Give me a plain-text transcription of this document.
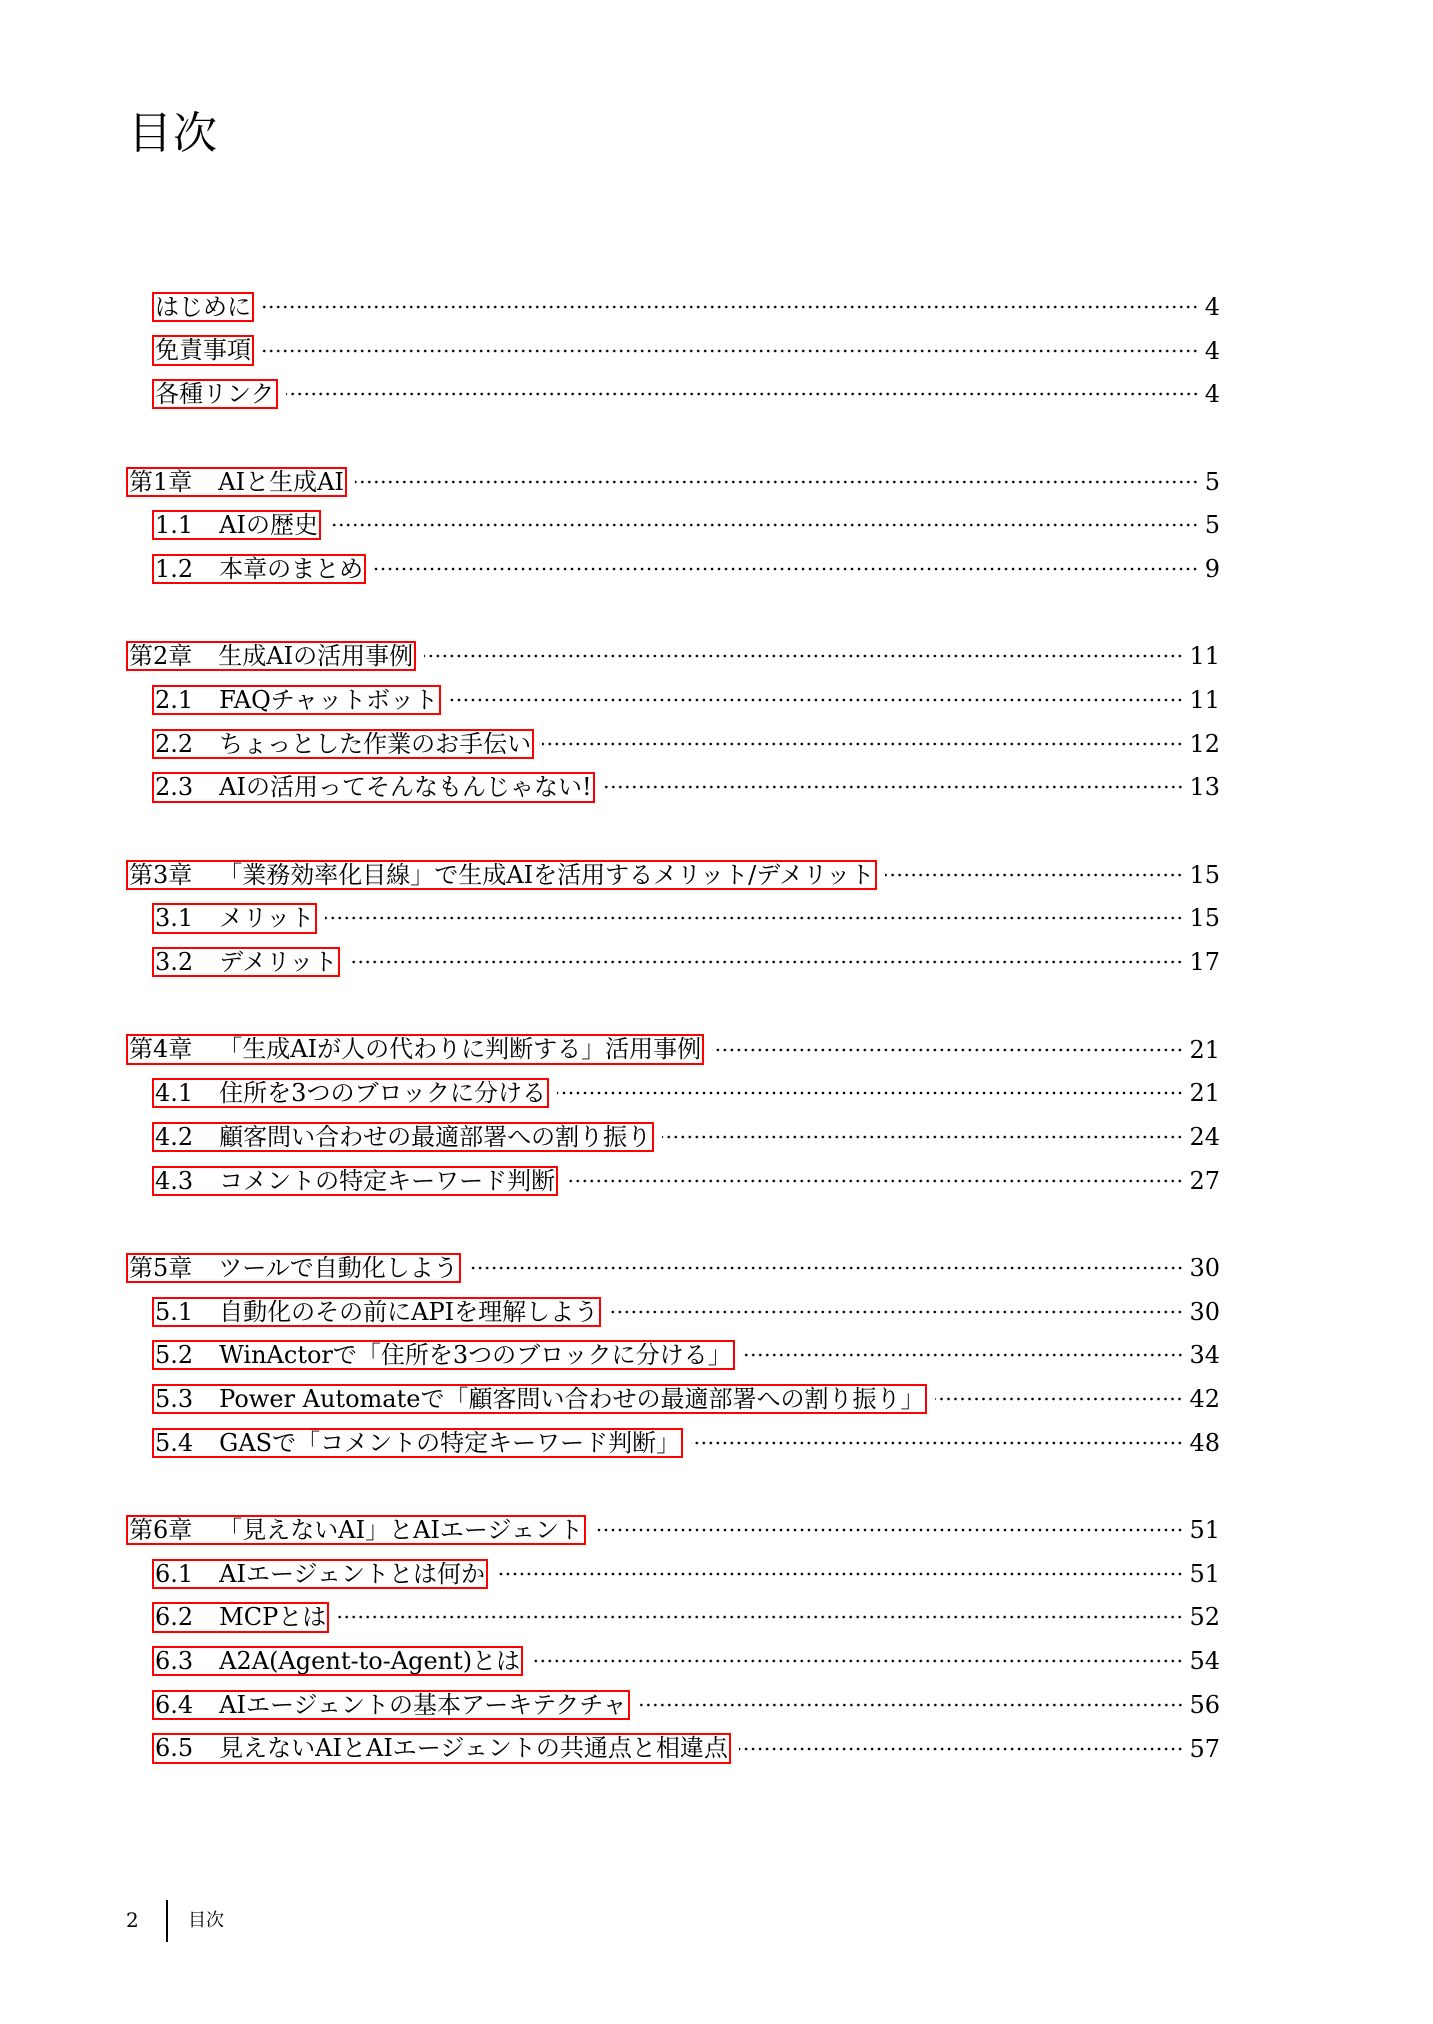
目次
はじめに	4
免責事項	4
各種リンク	4
第1章 AIと生成AI	5
1.1 AIの歴史	5
1.2 本章のまとめ	9
第2章 生成AIの活用事例	11
2.1 FAQチャットボット	11
2.2 ちょっとした作業のお手伝い	12
2.3 AIの活用ってそんなもんじゃない!	13
第3章 「業務効率化目線」で生成AIを活用するメリット/デメリット	15
3.1 メリット	15
3.2 デメリット	17
第4章 「生成AIが人の代わりに判断する」活用事例	21
4.1 住所を3つのブロックに分ける	21
4.2 顧客問い合わせの最適部署への割り振り	24
4.3 コメントの特定キーワード判断	27
第5章 ツールで自動化しよう	30
5.1 自動化のその前にAPIを理解しよう	30
5.2 WinActorで「住所を3つのブロックに分ける」	34
5.3 Power Automateで「顧客問い合わせの最適部署への割り振り」	42
5.4 GASで「コメントの特定キーワード判断」	48
第6章 「見えないAI」とAIエージェント	51
6.1 AIエージェントとは何か	51
6.2 MCPとは	52
6.3 A2A(Agent-to-Agent)とは	54
6.4 AIエージェントの基本アーキテクチャ	56
6.5 見えないAIとAIエージェントの共通点と相違点	57
2	目次
